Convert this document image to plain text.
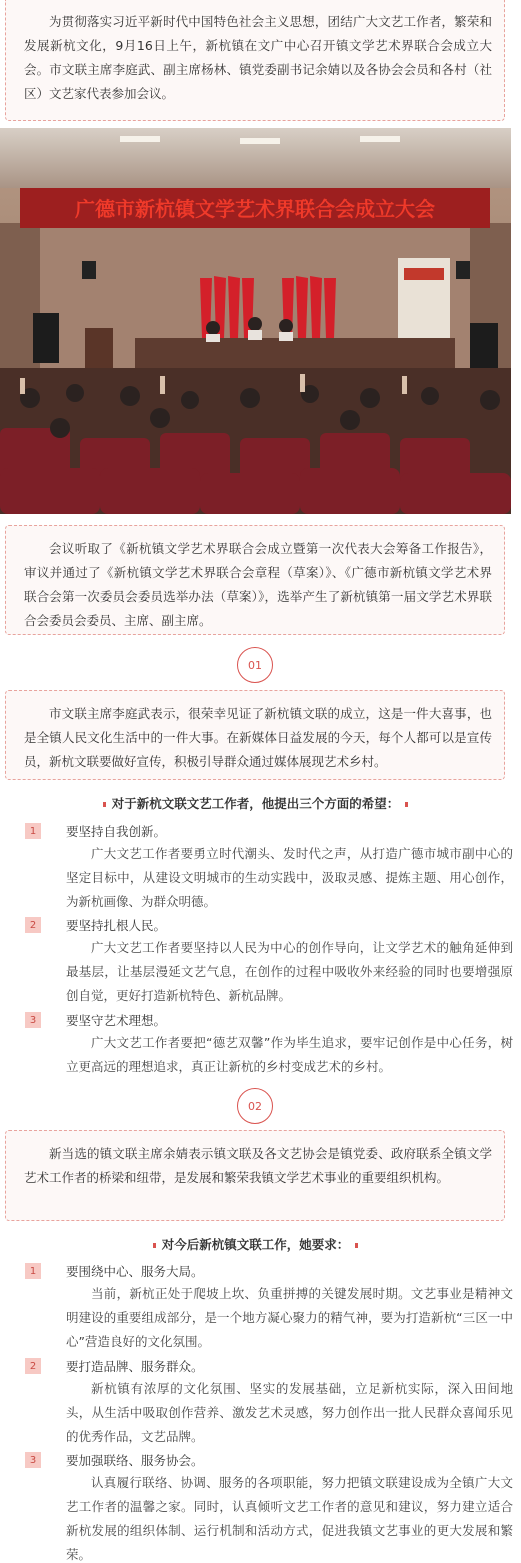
为贯彻落实习近平新时代中国特色社会主义思想，团结广大文艺工作者，繁荣和发展新杭文化，9月16日上午，新杭镇在文广中心召开镇文学艺术界联合会成立大会。市文联主席李庭武、副主席杨林、镇党委副书记余婧以及各协会会员和各村（社区）文艺家代表参加会议。

广德市新杭镇文学艺术界联合会成立大会

会议听取了《新杭镇文学艺术界联合会成立暨第一次代表大会筹备工作报告》，审议并通过了《新杭镇文学艺术界联合会章程（草案）》、《广德市新杭镇文学艺术界联合会第一次委员会委员选举办法（草案）》，选举产生了新杭镇第一届文学艺术界联合会委员会委员、主席、副主席。

01

市文联主席李庭武表示，很荣幸见证了新杭镇文联的成立，这是一件大喜事，也是全镇人民文化生活中的一件大事。在新媒体日益发展的今天，每个人都可以是宣传员，新杭文联要做好宣传，积极引导群众通过媒体展现艺术乡村。

对于新杭文联文艺工作者，他提出三个方面的希望：
1	要坚持自我创新。
广大文艺工作者要勇立时代潮头、发时代之声，从打造广德市城市副中心的坚定目标中，从建设文明城市的生动实践中，汲取灵感、提炼主题、用心创作，为新杭画像、为群众明德。
2	要坚持扎根人民。
广大文艺工作者要坚持以人民为中心的创作导向，让文学艺术的触角延伸到最基层，让基层漫延文艺气息，在创作的过程中吸收外来经验的同时也要增强原创自觉，更好打造新杭特色、新杭品牌。
3	要坚守艺术理想。
广大文艺工作者要把“德艺双馨”作为毕生追求，要牢记创作是中心任务，树立更高远的理想追求，真正让新杭的乡村变成艺术的乡村。
02

新当选的镇文联主席余婧表示镇文联及各文艺协会是镇党委、政府联系全镇文学艺术工作者的桥梁和纽带，是发展和繁荣我镇文学艺术事业的重要组织机构。

对今后新杭镇文联工作，她要求：
1	要围绕中心、服务大局。
当前，新杭正处于爬坡上坎、负重拼搏的关键发展时期。文艺事业是精神文明建设的重要组成部分，是一个地方凝心聚力的精气神，要为打造新杭“三区一中心”营造良好的文化氛围。
2	要打造品牌、服务群众。
新杭镇有浓厚的文化氛围、坚实的发展基础，立足新杭实际，深入田间地头，从生活中吸取创作营养、激发艺术灵感，努力创作出一批人民群众喜闻乐见的优秀作品，文艺品牌。
3	要加强联络、服务协会。
认真履行联络、协调、服务的各项职能，努力把镇文联建设成为全镇广大文艺工作者的温馨之家。同时，认真倾听文艺工作者的意见和建议，努力建立适合新杭发展的组织体制、运行机制和活动方式，促进我镇文艺事业的更大发展和繁荣。
